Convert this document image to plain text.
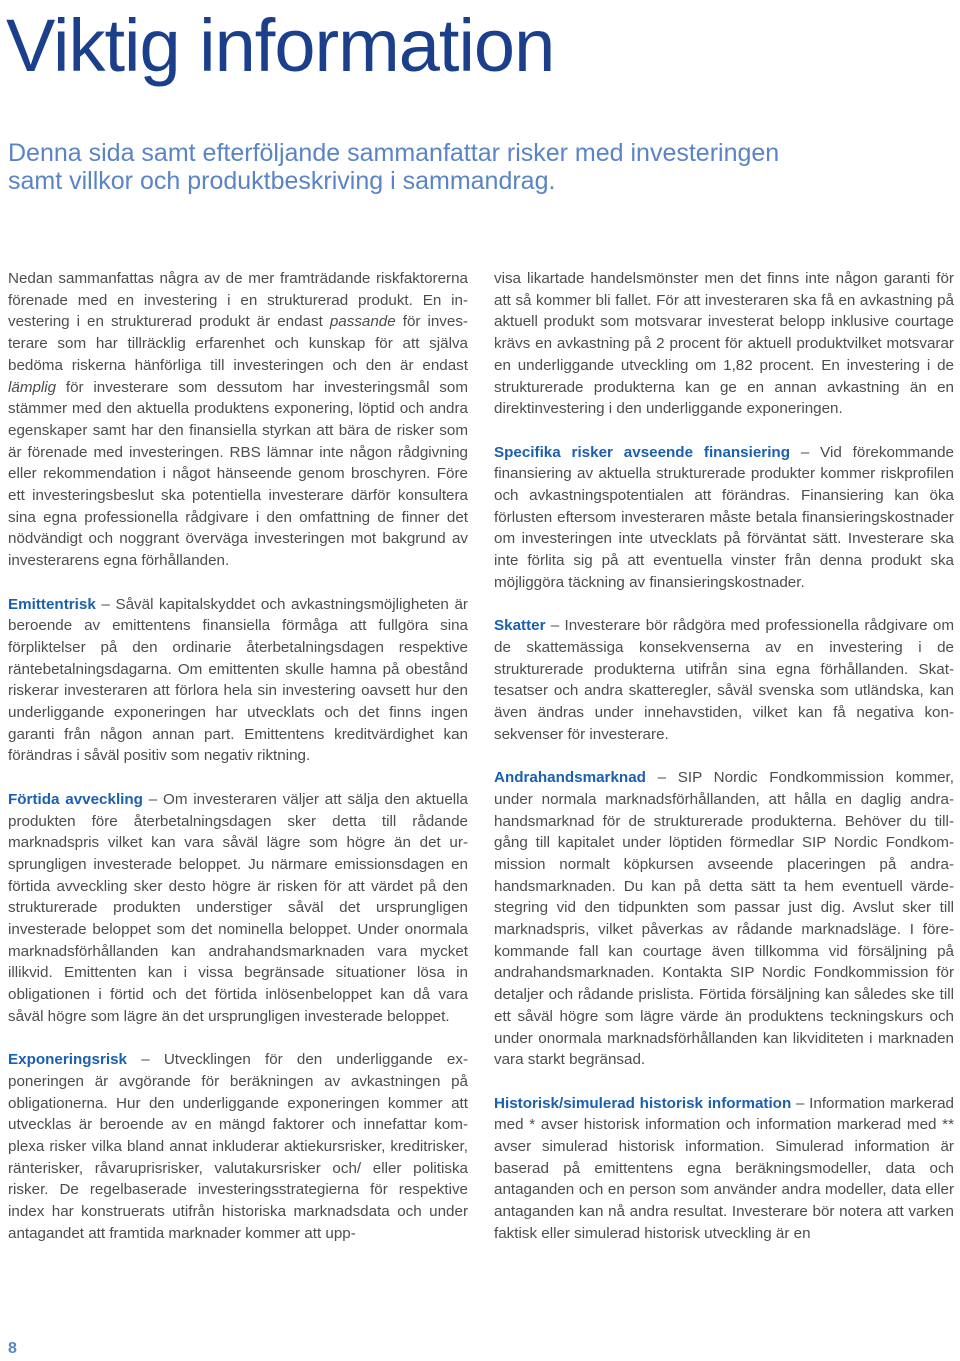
Viktig information
Denna sida samt efterföljande sammanfattar risker med investeringen
samt villkor och produktbeskriving i sammandrag.

Nedan sammanfattas några av de mer framträdande riskfaktorerna förenade med en investering i en strukturerad produkt. En investering i en strukturerad produkt är endast passande för investerare som har tillräcklig erfarenhet och kunskap för att själva bedöma riskerna hänförliga till investeringen och den är endast lämplig för investerare som dessutom har investeringsmål som stämmer med den aktuella produktens exponering, löptid och andra egenskaper samt har den finansiella styrkan att bära de risker som är förenade med investeringen. RBS lämnar inte någon rådgivning eller rekommendation i något hänseende genom broschyren. Före ett investeringsbeslut ska potentiella investerare därför konsultera sina egna professionella rådgivare i den omfattning de finner det nödvändigt och noggrant överväga investeringen mot bakgrund av investerarens egna förhållanden.

Emittentrisk – Såväl kapitalskyddet och avkastningsmöjligheten är beroende av emittentens finansiella förmåga att fullgöra sina förpliktelser på den ordinarie återbetalningsdagen respektive räntebetalningsdagarna. Om emittenten skulle hamna på obestånd riskerar investeraren att förlora hela sin investering oavsett hur den underliggande exponeringen har utvecklats och det finns ingen garanti från någon annan part. Emittentens kreditvärdighet kan förändras i såväl positiv som negativ riktning.

Förtida avveckling – Om investeraren väljer att sälja den aktuella produkten före återbetalningsdagen sker detta till rådande marknadspris vilket kan vara såväl lägre som högre än det ursprungligen investerade beloppet. Ju närmare emissionsdagen en förtida avveckling sker desto högre är risken för att värdet på den strukturerade produkten understiger såväl det ursprungligen investerade beloppet som det nominella beloppet. Under onormala marknadsförhållanden kan andrahandsmarknaden vara mycket illikvid. Emittenten kan i vissa begränsade situationer lösa in obligationen i förtid och det förtida inlösenbeloppet kan då vara såväl högre som lägre än det ursprungligen investerade beloppet.

Exponeringsrisk – Utvecklingen för den underliggande exponeringen är avgörande för beräkningen av avkastningen på obligationerna. Hur den underliggande exponeringen kommer att utvecklas är beroende av en mängd faktorer och innefattar komplexa risker vilka bland annat inkluderar aktiekursrisker, kreditrisker, ränterisker, råvaruprisrisker, valutakursrisker och/ eller politiska risker. De regelbaserade investeringsstrategierna för respektive index har konstruerats utifrån historiska marknadsdata och under antagandet att framtida marknader kommer att upp-

visa likartade handelsmönster men det finns inte någon garanti för att så kommer bli fallet. För att investeraren ska få en avkastning på aktuell produkt som motsvarar investerat belopp inklusive courtage krävs en avkastning på 2 procent för aktuell produktvilket motsvarar en underliggande utveckling om 1,82 procent. En investering i de strukturerade produkterna kan ge en annan avkastning än en direktinvestering i den underliggande exponeringen.

Specifika risker avseende finansiering – Vid förekommande finansiering av aktuella strukturerade produkter kommer riskprofilen och avkastningspotentialen att förändras. Finansiering kan öka förlusten eftersom investeraren måste betala finansieringskostnader om investeringen inte utvecklats på förväntat sätt. Investerare ska inte förlita sig på att eventuella vinster från denna produkt ska möjliggöra täckning av finansieringskostnader.

Skatter – Investerare bör rådgöra med professionella rådgivare om de skattemässiga konsekvenserna av en investering i de strukturerade produkterna utifrån sina egna förhållanden. Skattesatser och andra skatteregler, såväl svenska som utländska, kan även ändras under innehavstiden, vilket kan få negativa konsekvenser för investerare.

Andrahandsmarknad – SIP Nordic Fondkommission kommer, under normala marknadsförhållanden, att hålla en daglig andrahandsmarknad för de strukturerade produkterna. Behöver du tillgång till kapitalet under löptiden förmedlar SIP Nordic Fondkommission normalt köpkursen avseende placeringen på andrahandsmarknaden. Du kan på detta sätt ta hem eventuell värdestegring vid den tidpunkten som passar just dig. Avslut sker till marknadspris, vilket påverkas av rådande marknadsläge. I förekommande fall kan courtage även tillkomma vid försäljning på andrahandsmarknaden. Kontakta SIP Nordic Fondkommission för detaljer och rådande prislista. Förtida försäljning kan således ske till ett såväl högre som lägre värde än produktens teckningskurs och under onormala marknadsförhållanden kan likviditeten i marknaden vara starkt begränsad.

Historisk/simulerad historisk information – Information markerad med * avser historisk information och information markerad med ** avser simulerad historisk information. Simulerad information är baserad på emittentens egna beräkningsmodeller, data och antaganden och en person som använder andra modeller, data eller antaganden kan nå andra resultat. Investerare bör notera att varken faktisk eller simulerad historisk utveckling är en

8
